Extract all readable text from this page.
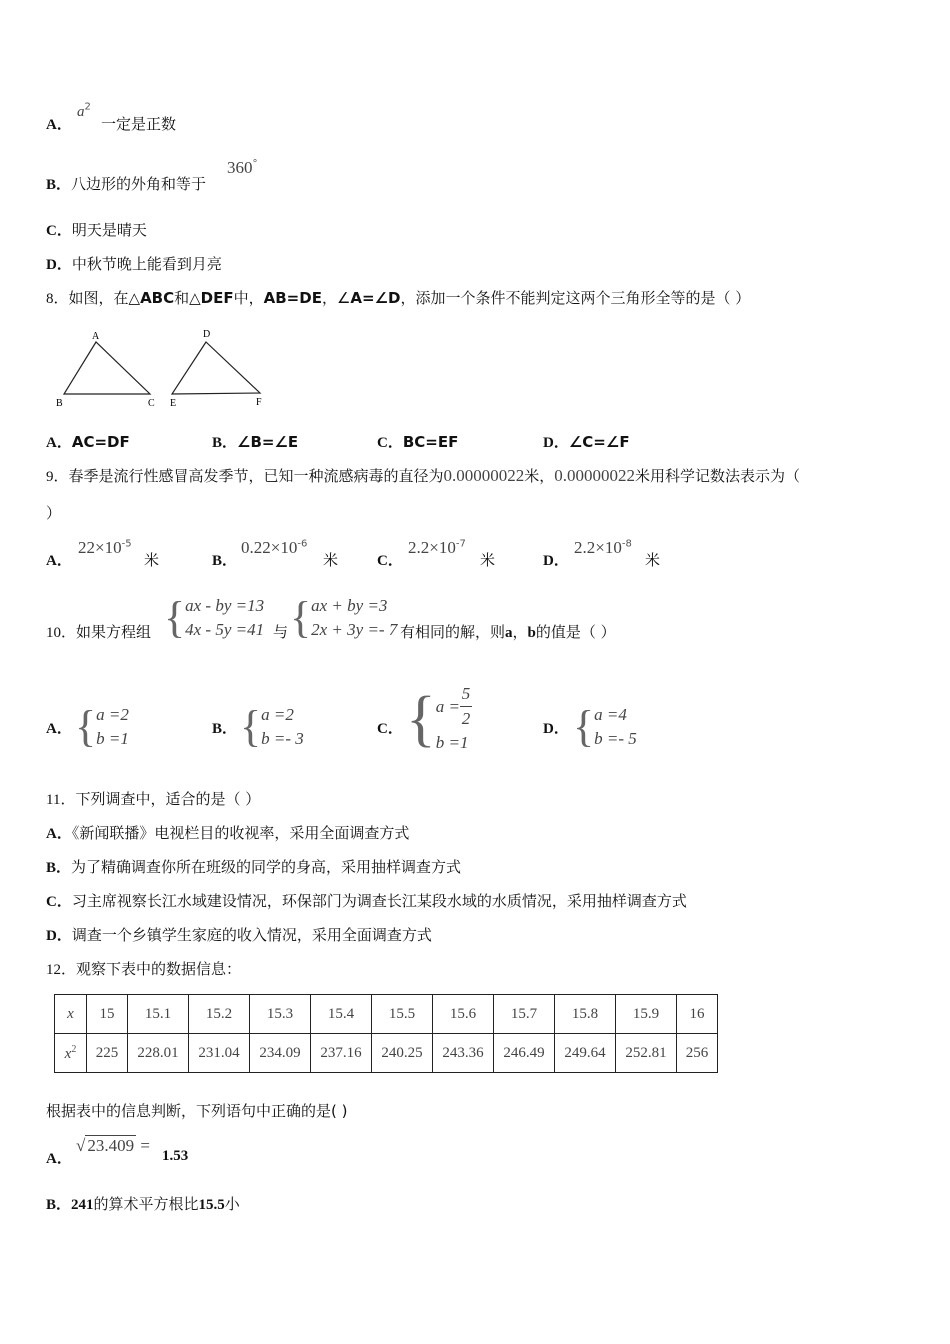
A．
$a^2$
一定是正数
B．八边形的外角和等于
360°
C．明天是晴天
D．中秋节晚上能看到月亮
8．如图，在△ABC和△DEF中，AB=DE，∠A=∠D，添加一个条件不能判定这两个三角形全等的是（ ）
A
B	C
D
E	F
A．AC=DF	B．∠B=∠E	C．BC=EF	D．∠C=∠F
9．春季是流行性感冒高发季节，已知一种流感病毒的直径为0.00000022米，0.00000022米用科学记数法表示为（
）
A．
$22\times 10^{-5}$
米	B．
$0.22\times 10^{-6}$
米	C．
$2.2\times 10^{-7}$
米	D．
$2.2\times 10^{-8}$
米
10．如果方程组 { ax - by =13
4x - 5y =41 与 { ax + by =3
2x + 3y =- 7 有相同的解，则a，b的值是（ ）
A． { a =2
b =1	B． { a =2
b =- 3	C． { $a = \frac{5}{2}$
b =1
D． { a =4
b =- 5
11．下列调查中，适合的是（ ）
A．《新闻联播》电视栏目的收视率，采用全面调查方式
B．为了精确调查你所在班级的同学的身高，采用抽样调查方式
C．习主席视察长江水域建设情况，环保部门为调查长江某段水域的水质情况，采用抽样调查方式
D．调查一个乡镇学生家庭的收入情况，采用全面调查方式
12．观察下表中的数据信息：
x	15	15.1	15.2	15.3	15.4	15.5	15.6	15.7	15.8	15.9	16
$x^2$	225	228.01	231.04	234.09	237.16	240.25	243.36	246.49	249.64	252.81	256
根据表中的信息判断，下列语句中正确的是( )
A．
√ 23.409 =
1.53
B．241的算术平方根比15.5小
